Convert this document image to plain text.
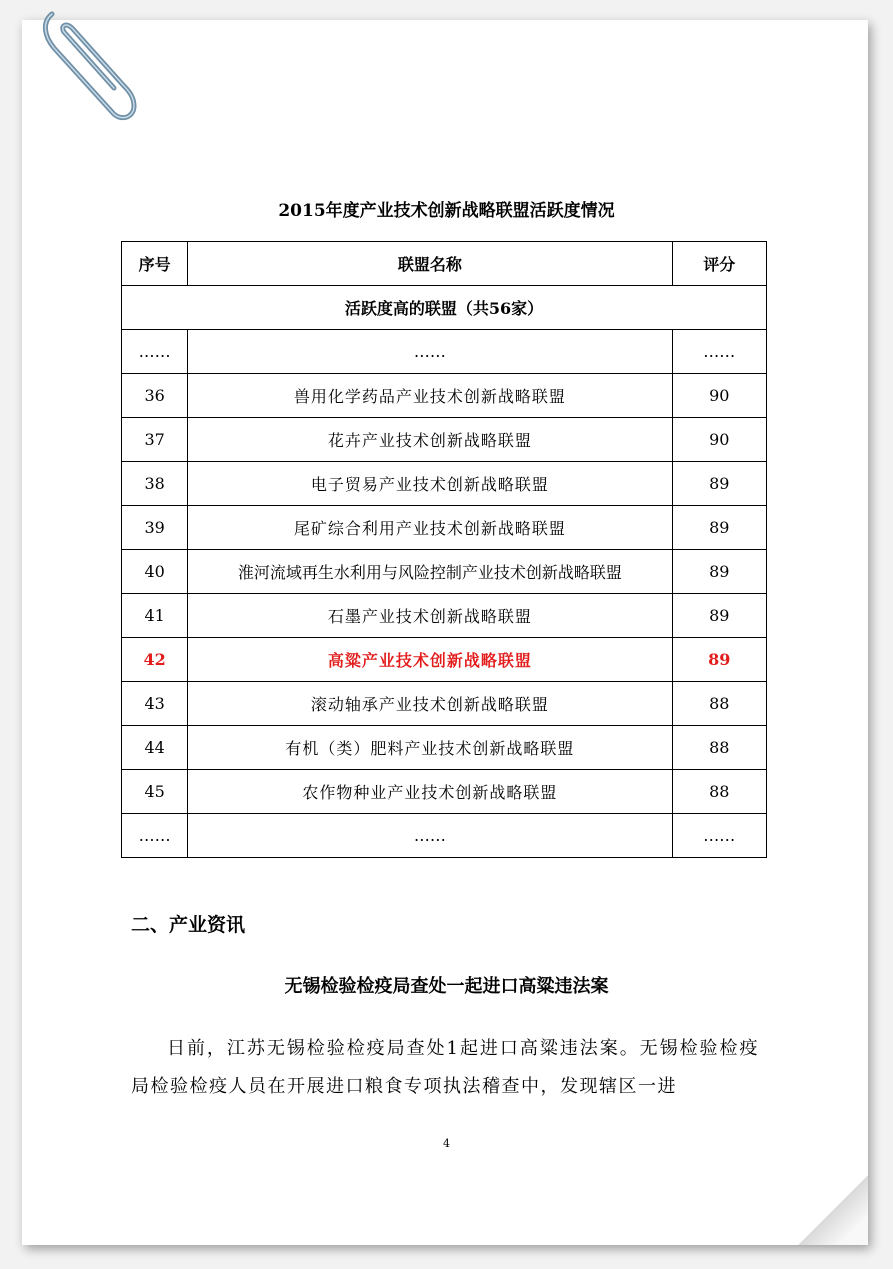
2015年度产业技术创新战略联盟活跃度情况
序号	联盟名称	评分
活跃度高的联盟（共56家）		
……	……	……
36	兽用化学药品产业技术创新战略联盟	90
37	花卉产业技术创新战略联盟	90
38	电子贸易产业技术创新战略联盟	89
39	尾矿综合利用产业技术创新战略联盟	89
40	淮河流域再生水利用与风险控制产业技术创新战略联盟	89
41	石墨产业技术创新战略联盟	89
42	高粱产业技术创新战略联盟	89
43	滚动轴承产业技术创新战略联盟	88
44	有机（类）肥料产业技术创新战略联盟	88
45	农作物种业产业技术创新战略联盟	88
……	……	……
二、产业资讯
无锡检验检疫局查处一起进口高粱违法案
日前，江苏无锡检验检疫局查处1起进口高粱违法案。无锡检验检疫局检验检疫人员在开展进口粮食专项执法稽查中，发现辖区一进
4
